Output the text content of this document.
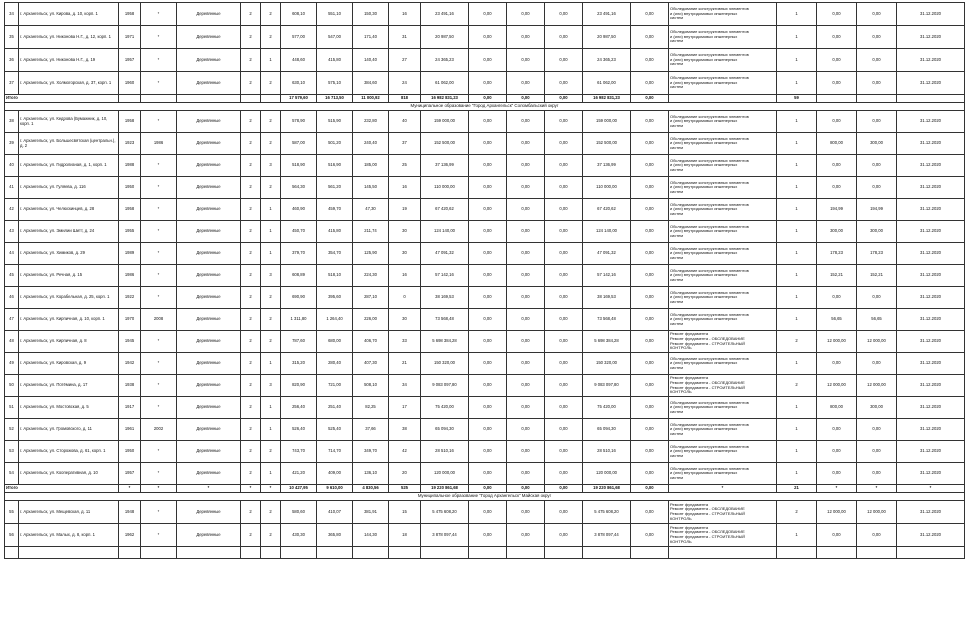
34	г. Архангельск, ул. Кирова, д. 10, корп. 1	1958	*	Деревянные	2	2	608,10	551,10	150,30	16	23 491,16	0,00	0,00	0,00	23 491,16	0,00	Обследование конструктивных элементов
и (или) внутридомовых инженерных
систем	1	0,00	0,00	31.12.2020
35	г. Архангельск, ул. Никонова Н.Г., д. 12, корп. 1	1971	*	Деревянные	2	2	577,00	547,00	171,40	31	20 987,50	0,00	0,00	0,00	20 987,50	0,00	Обследование конструктивных элементов
и (или) внутридомовых инженерных
систем	1	0,00	0,00	31.12.2020
36	г. Архангельск, ул. Никонова Н.Г., д. 19	1957	*	Деревянные	2	1	448,60	415,80	140,40	27	24 365,23	0,00	0,00	0,00	24 365,23	0,00	Обследование конструктивных элементов
и (или) внутридомовых инженерных
систем	1	0,00	0,00	31.12.2020
37	г. Архангельск, ул. Холмогорская, д. 37, корп. 1	1960	*	Деревянные	2	2	630,10	575,10	384,60	24	61 062,00	0,00	0,00	0,00	61 062,00	0,00	Обследование конструктивных элементов
и (или) внутридомовых инженерных
систем	1	0,00	0,00	31.12.2020
Итого							17 579,60	16 713,50	11 000,92	818	16 982 831,23	0,00	0,00	0,00	16 982 831,23	0,00		59			
Муниципальное образование "Город Архангельск" Соломбальский округ																					
38	г. Архангельск, ул. Кедрова (Бумажник, д. 10, корп. 1	1958	*	Деревянные	2	2	578,90	515,90	232,80	40	159 000,00	0,00	0,00	0,00	159 000,00	0,00	Обследование конструктивных элементов
и (или) внутридомовых инженерных
систем	1	0,00	0,00	31.12.2020
39	г. Архангельск, ул. Большесвятская (центральн.), д. 2	1923	1986	Деревянные	2	2	587,00	501,20	240,40	37	152 500,00	0,00	0,00	0,00	152 500,00	0,00	Обследование конструктивных элементов
и (или) внутридомовых инженерных
систем	1	800,00	300,00	31.12.2020
40	г. Архангельск, ул. Гидролизная, д. 1, корп. 1	1988	*	Деревянные	2	3	518,90	516,90	185,00	25	37 136,99	0,00	0,00	0,00	37 136,99	0,00	Обследование конструктивных элементов
и (или) внутридомовых инженерных
систем	1	0,00	0,00	31.12.2020
41	г. Архангельск, ул. Гуляева, д. 116	1950	*	Деревянные	2	2	564,30	561,20	145,50	16	110 000,00	0,00	0,00	0,00	110 000,00	0,00	Обследование конструктивных элементов
и (или) внутридомовых инженерных
систем	1	0,00	0,00	31.12.2020
42	г. Архангельск, ул. Челюскинцев, д. 28	1958	*	Деревянные	2	1	460,90	459,70	47,30	19	67 420,62	0,00	0,00	0,00	67 420,62	0,00	Обследование конструктивных элементов
и (или) внутридомовых инженерных
систем	1	194,99	194,99	31.12.2020
43	г. Архангельск, ул. Эмилии Шитт, д. 24	1955	*	Деревянные	2	1	450,70	415,80	211,74	30	124 140,00	0,00	0,00	0,00	124 140,00	0,00	Обследование конструктивных элементов
и (или) внутридомовых инженерных
систем	1	300,00	300,00	31.12.2020
44	г. Архангельск, ул. Химиков, д. 29	1989	*	Деревянные	2	1	379,70	354,70	125,90	30	47 091,32	0,00	0,00	0,00	47 091,32	0,00	Обследование конструктивных элементов
и (или) внутридомовых инженерных
систем	1	178,23	178,23	31.12.2020
45	г. Архангельск, ул. Речная, д. 15	1986	*	Деревянные	2	3	608,89	518,10	224,30	16	57 142,16	0,00	0,00	0,00	57 142,16	0,00	Обследование конструктивных элементов
и (или) внутридомовых инженерных
систем	1	152,21	152,21	31.12.2020
46	г. Архангельск, ул. Корабельная, д. 25, корп. 1	1922	*	Деревянные	2	2	690,90	395,60	287,10	0	38 169,53	0,00	0,00	0,00	38 169,53	0,00	Обследование конструктивных элементов
и (или) внутридомовых инженерных
систем	1	0,00	0,00	31.12.2020
47	г. Архангельск, ул. Кирпичная, д. 10, корп. 1	1970	2008	Деревянные	2	2	1 311,80	1 264,40	226,00	30	73 568,48	0,00	0,00	0,00	73 568,48	0,00	Обследование конструктивных элементов
и (или) внутридомовых инженерных
систем	1	56,65	56,65	31.12.2020
48	г. Архангельск, ул. Кирпичная, д. 8	1945	*	Деревянные	2	2	787,60	680,00	406,70	33	5 698 384,28	0,00	0,00	0,00	5 698 384,28	0,00	Ремонт фундамента
Ремонт фундамента - ОБСЛЕДОВАНИЕ
Ремонт фундамента - СТРОИТЕЛЬНЫЙ
КОНТРОЛЬ	2	12 000,00	12 000,00	31.12.2020
49	г. Архангельск, ул. Кировская, д. 9	1942	*	Деревянные	2	1	315,20	280,40	407,30	21	150 320,00	0,00	0,00	0,00	150 320,00	0,00	Обследование конструктивных элементов
и (или) внутридомовых инженерных
систем	1	0,00	0,00	31.12.2020
50	г. Архангельск, ул. Потёмина, д. 17	1938	*	Деревянные	2	3	820,90	721,00	508,10	34	9 083 097,80	0,00	0,00	0,00	9 083 097,80	0,00	Ремонт фундамента
Ремонт фундамента - ОБСЛЕДОВАНИЕ
Ремонт фундамента - СТРОИТЕЛЬНЫЙ
КОНТРОЛЬ	2	12 000,00	12 000,00	31.12.2020
51	г. Архангельск, ул. Мостовская, д. 5	1917	*	Деревянные	2	1	256,40	251,40	82,25	17	75 420,00	0,00	0,00	0,00	75 420,00	0,00	Обследование конструктивных элементов
и (или) внутридомовых инженерных
систем	1	800,00	300,00	31.12.2020
52	г. Архангельск, ул. Громовского, д. 11	1961	2002	Деревянные	2	1	526,40	525,40	37,66	38	65 094,30	0,00	0,00	0,00	65 094,30	0,00	Обследование конструктивных элементов
и (или) внутридомовых инженерных
систем	1	0,00	0,00	31.12.2020
53	г. Архангельск, ул. Сторожова, д. 61, корп. 1	1950	*	Деревянные	2	2	743,70	714,70	349,70	42	28 510,16	0,00	0,00	0,00	28 510,16	0,00	Обследование конструктивных элементов
и (или) внутридомовых инженерных
систем	1	0,00	0,00	31.12.2020
54	г. Архангельск, ул. Кооперативная, д. 10	1957	*	Деревянные	2	1	421,20	409,00	136,10	20	120 000,00	0,00	0,00	0,00	120 000,00	0,00	Обследование конструктивных элементов
и (или) внутридомовых инженерных
систем	1	0,00	0,00	31.12.2020
Итого		*	*	*	*	*	10 427,95	9 610,00	4 830,56	525	19 220 861,68	0,00	0,00	0,00	19 220 861,68	0,00	*	21	*	*	*
Муниципальное образование "Город Архангельск" Майская округ																					
55	г. Архангельск, ул. Мещевская, д. 11	1948	*	Деревянные	2	2	580,60	410,07	381,91	15	5 475 608,20	0,00	0,00	0,00	5 475 608,20	0,00	Ремонт фундамента
Ремонт фундамента - ОБСЛЕДОВАНИЕ
Ремонт фундамента - СТРОИТЕЛЬНЫЙ
КОНТРОЛЬ	2	12 000,00	12 000,00	31.12.2020
56	г. Архангельск, ул. Малых, д. 8, корп. 1	1962	*	Деревянные	2	2	430,30	365,80	144,30	18	3 878 097,44	0,00	0,00	0,00	3 878 097,44	0,00	Ремонт фундамента
Ремонт фундамента - ОБСЛЕДОВАНИЕ
Ремонт фундамента - СТРОИТЕЛЬНЫЙ
КОНТРОЛЬ	1	0,00	0,00	31.12.2020
